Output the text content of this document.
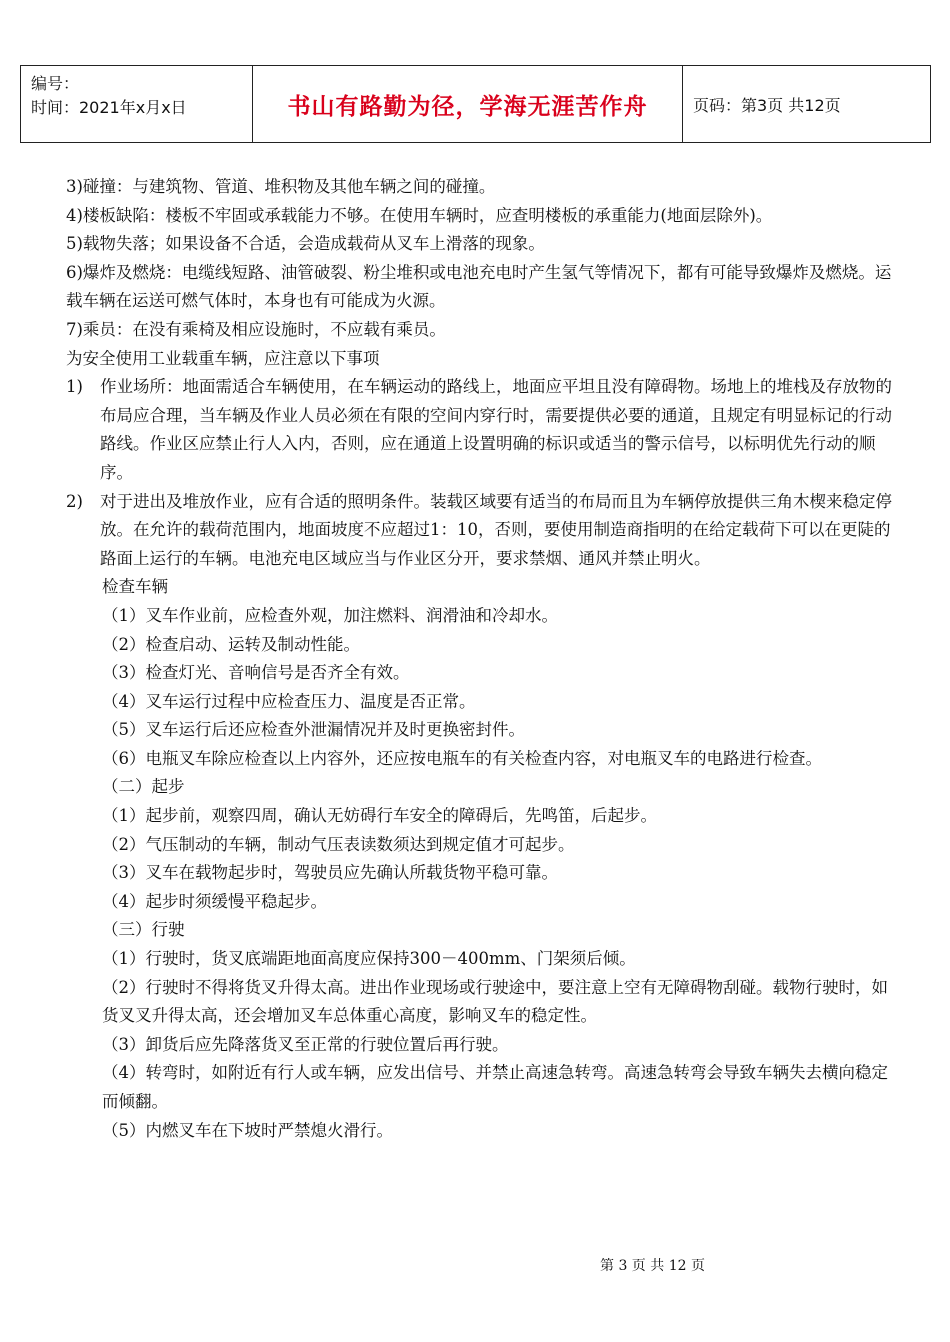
编号：
时间：2021年x月x日	书山有路勤为径，学海无涯苦作舟	页码：第3页 共12页

3)碰撞：与建筑物、管道、堆积物及其他车辆之间的碰撞。

4)楼板缺陷：楼板不牢固或承载能力不够。在使用车辆时，应查明楼板的承重能力(地面层除外)。

5)载物失落；如果设备不合适，会造成载荷从叉车上滑落的现象。

6)爆炸及燃烧：电缆线短路、油管破裂、粉尘堆积或电池充电时产生氢气等情况下，都有可能导致爆炸及燃烧。运载车辆在运送可燃气体时，本身也有可能成为火源。

7)乘员：在没有乘椅及相应设施时，不应载有乘员。

为安全使用工业载重车辆，应注意以下事项

1)	作业场所：地面需适合车辆使用，在车辆运动的路线上，地面应平坦且没有障碍物。场地上的堆栈及存放物的布局应合理，当车辆及作业人员必须在有限的空间内穿行时，需要提供必要的通道，且规定有明显标记的行动路线。作业区应禁止行人入内，否则，应在通道上设置明确的标识或适当的警示信号，以标明优先行动的顺序。
2)	对于进出及堆放作业，应有合适的照明条件。装载区域要有适当的布局而且为车辆停放提供三角木楔来稳定停放。在允许的载荷范围内，地面坡度不应超过1：10，否则，要使用制造商指明的在给定载荷下可以在更陡的路面上运行的车辆。电池充电区域应当与作业区分开，要求禁烟、通风并禁止明火。

检查车辆

（1）叉车作业前，应检查外观，加注燃料、润滑油和冷却水。

（2）检查启动、运转及制动性能。

（3）检查灯光、音响信号是否齐全有效。

（4）叉车运行过程中应检查压力、温度是否正常。

（5）叉车运行后还应检查外泄漏情况并及时更换密封件。

（6）电瓶叉车除应检查以上内容外，还应按电瓶车的有关检查内容，对电瓶叉车的电路进行检查。

（二）起步

（1）起步前，观察四周，确认无妨碍行车安全的障碍后，先鸣笛，后起步。

（2）气压制动的车辆，制动气压表读数须达到规定值才可起步。

（3）叉车在载物起步时，驾驶员应先确认所载货物平稳可靠。

（4）起步时须缓慢平稳起步。

（三）行驶

（1）行驶时，货叉底端距地面高度应保持300－400mm、门架须后倾。

（2）行驶时不得将货叉升得太高。进出作业现场或行驶途中，要注意上空有无障碍物刮碰。载物行驶时，如货叉叉升得太高，还会增加叉车总体重心高度，影响叉车的稳定性。

（3）卸货后应先降落货叉至正常的行驶位置后再行驶。

（4）转弯时，如附近有行人或车辆，应发出信号、并禁止高速急转弯。高速急转弯会导致车辆失去横向稳定而倾翻。

（5）内燃叉车在下坡时严禁熄火滑行。

第 3 页 共 12 页
